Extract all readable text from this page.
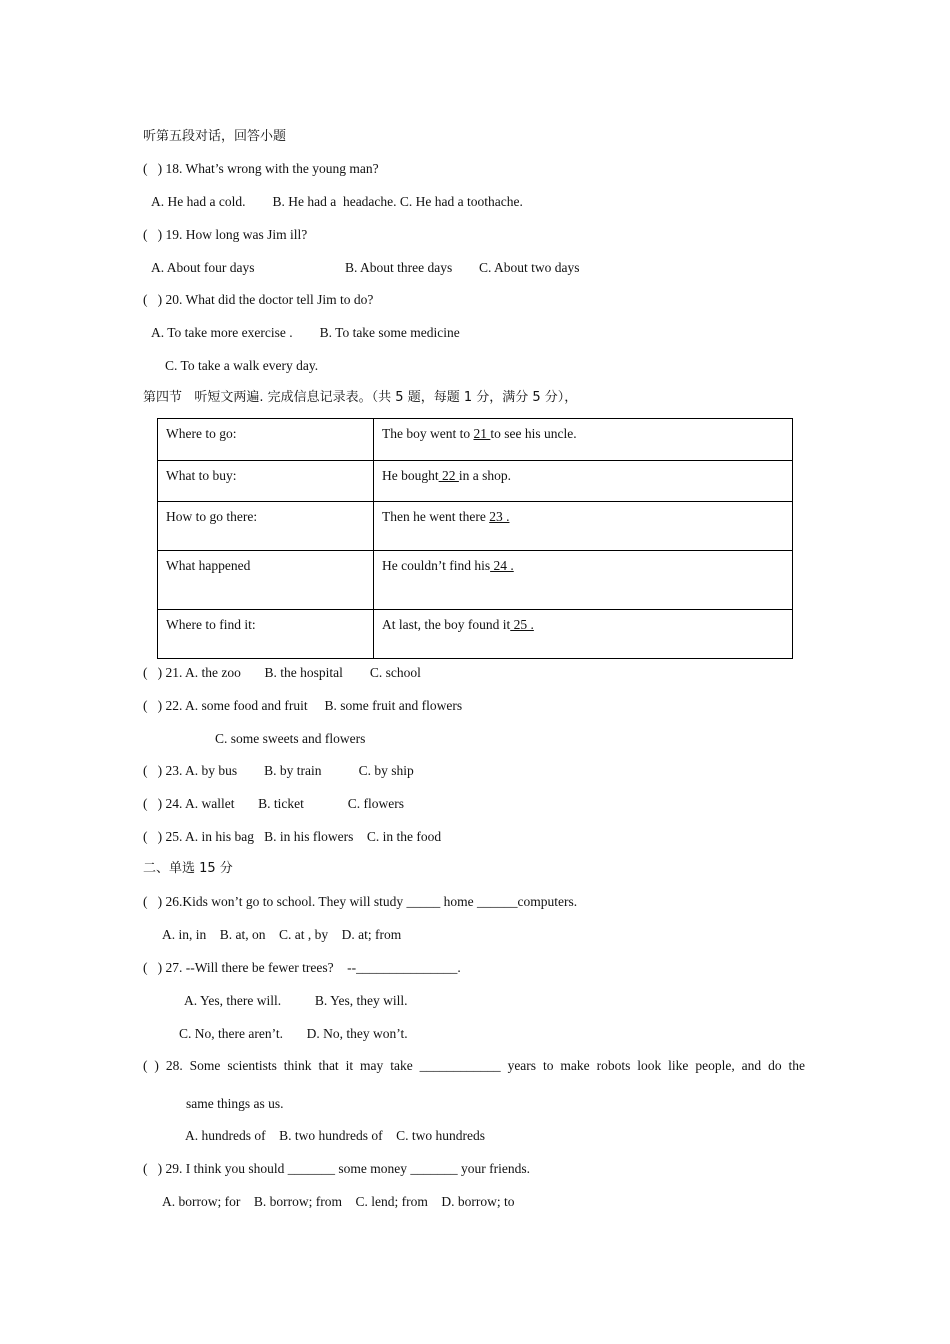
听第五段对话，回答小题
(   ) 18. What’s wrong with the young man?
A. He had a cold.        B. He had a  headache. C. He had a toothache.
(   ) 19. How long was Jim ill?
A. About four days	B. About three days C. About two days
(   ) 20. What did the doctor tell Jim to do?
A. To take more exercise .        B. To take some medicine
C. To take a walk every day.
第四节   听短文两遍. 完成信息记录表。（共 5 题，每题 1 分，满分 5 分），
Where to go:	The boy went to 21 to see his uncle.
What to buy:	He bought 22 in a shop.
How to go there:	Then he went there 23 .
What happened	He couldn’t find his 24 .
Where to find it:	At last, the boy found it 25 .
(   ) 21. A. the zoo       B. the hospital        C. school
(   ) 22. A. some food and fruit     B. some fruit and flowers
C. some sweets and flowers
(   ) 23. A. by bus        B. by train           C. by ship
(   ) 24. A. wallet       B. ticket             C. flowers
(   ) 25. A. in his bag   B. in his flowers    C. in the food
二、单选 15 分
(   ) 26.Kids won’t go to school. They will study _____ home ______computers.
A. in, in    B. at, on    C. at , by    D. at; from
(   ) 27. --Will there be fewer trees?    --_______________.
A. Yes, there will.          B. Yes, they will.
C. No, there aren’t.       D. No, they won’t.
( ) 28. Some scientists think that it may take ____________ years to make robots look like people, and do the
same things as us.
A. hundreds of    B. two hundreds of    C. two hundreds
(   ) 29. I think you should _______ some money _______ your friends.
A. borrow; for    B. borrow; from    C. lend; from    D. borrow; to
